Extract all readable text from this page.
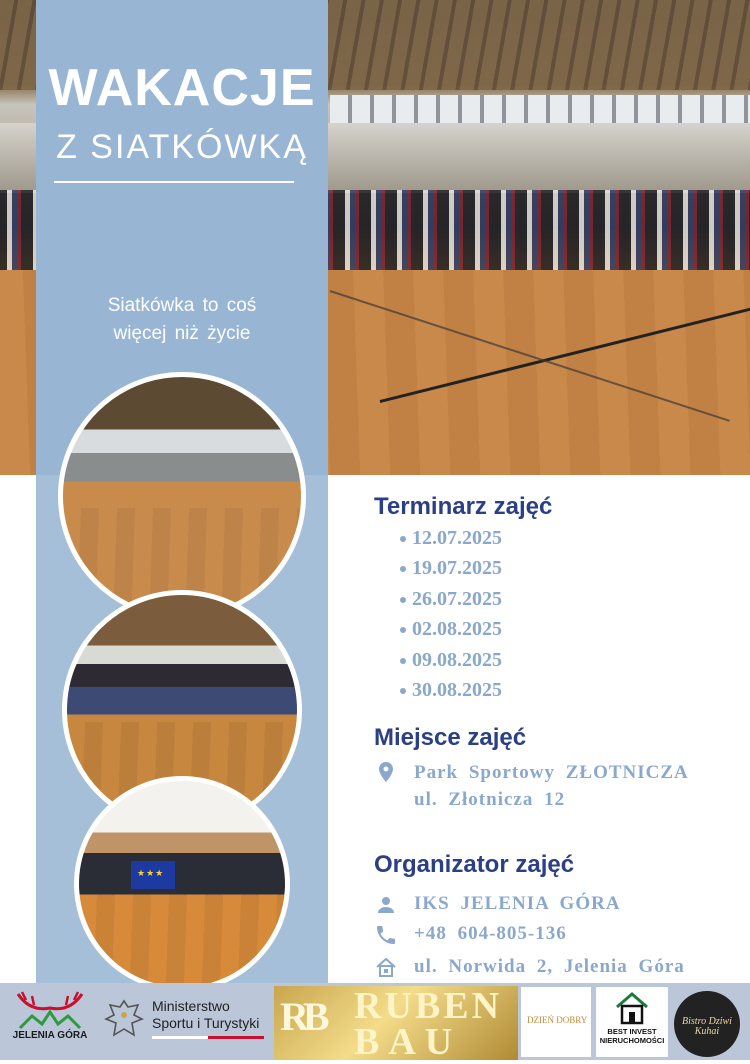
WAKACJE
Z SIATKÓWKĄ
Siatkówka to coś
więcej niż życie
★★★
Terminarz zajęć
12.07.2025
19.07.2025
26.07.2025
02.08.2025
09.08.2025
30.08.2025
Miejsce zajęć
Park Sportowy ZŁOTNICZA
ul. Złotnicza 12
Organizator zajęć
IKS JELENIA GÓRA
+48 604-805-136
ul. Norwida 2, Jelenia Góra
JELENIA GÓRA
Ministerstwo
Sportu i Turystyki RB RUBEN
BAU
DZIEŃ DOBRY
BEST INVEST
NIERUCHOMOŚCI
Bistro Dziwi Kuhai
